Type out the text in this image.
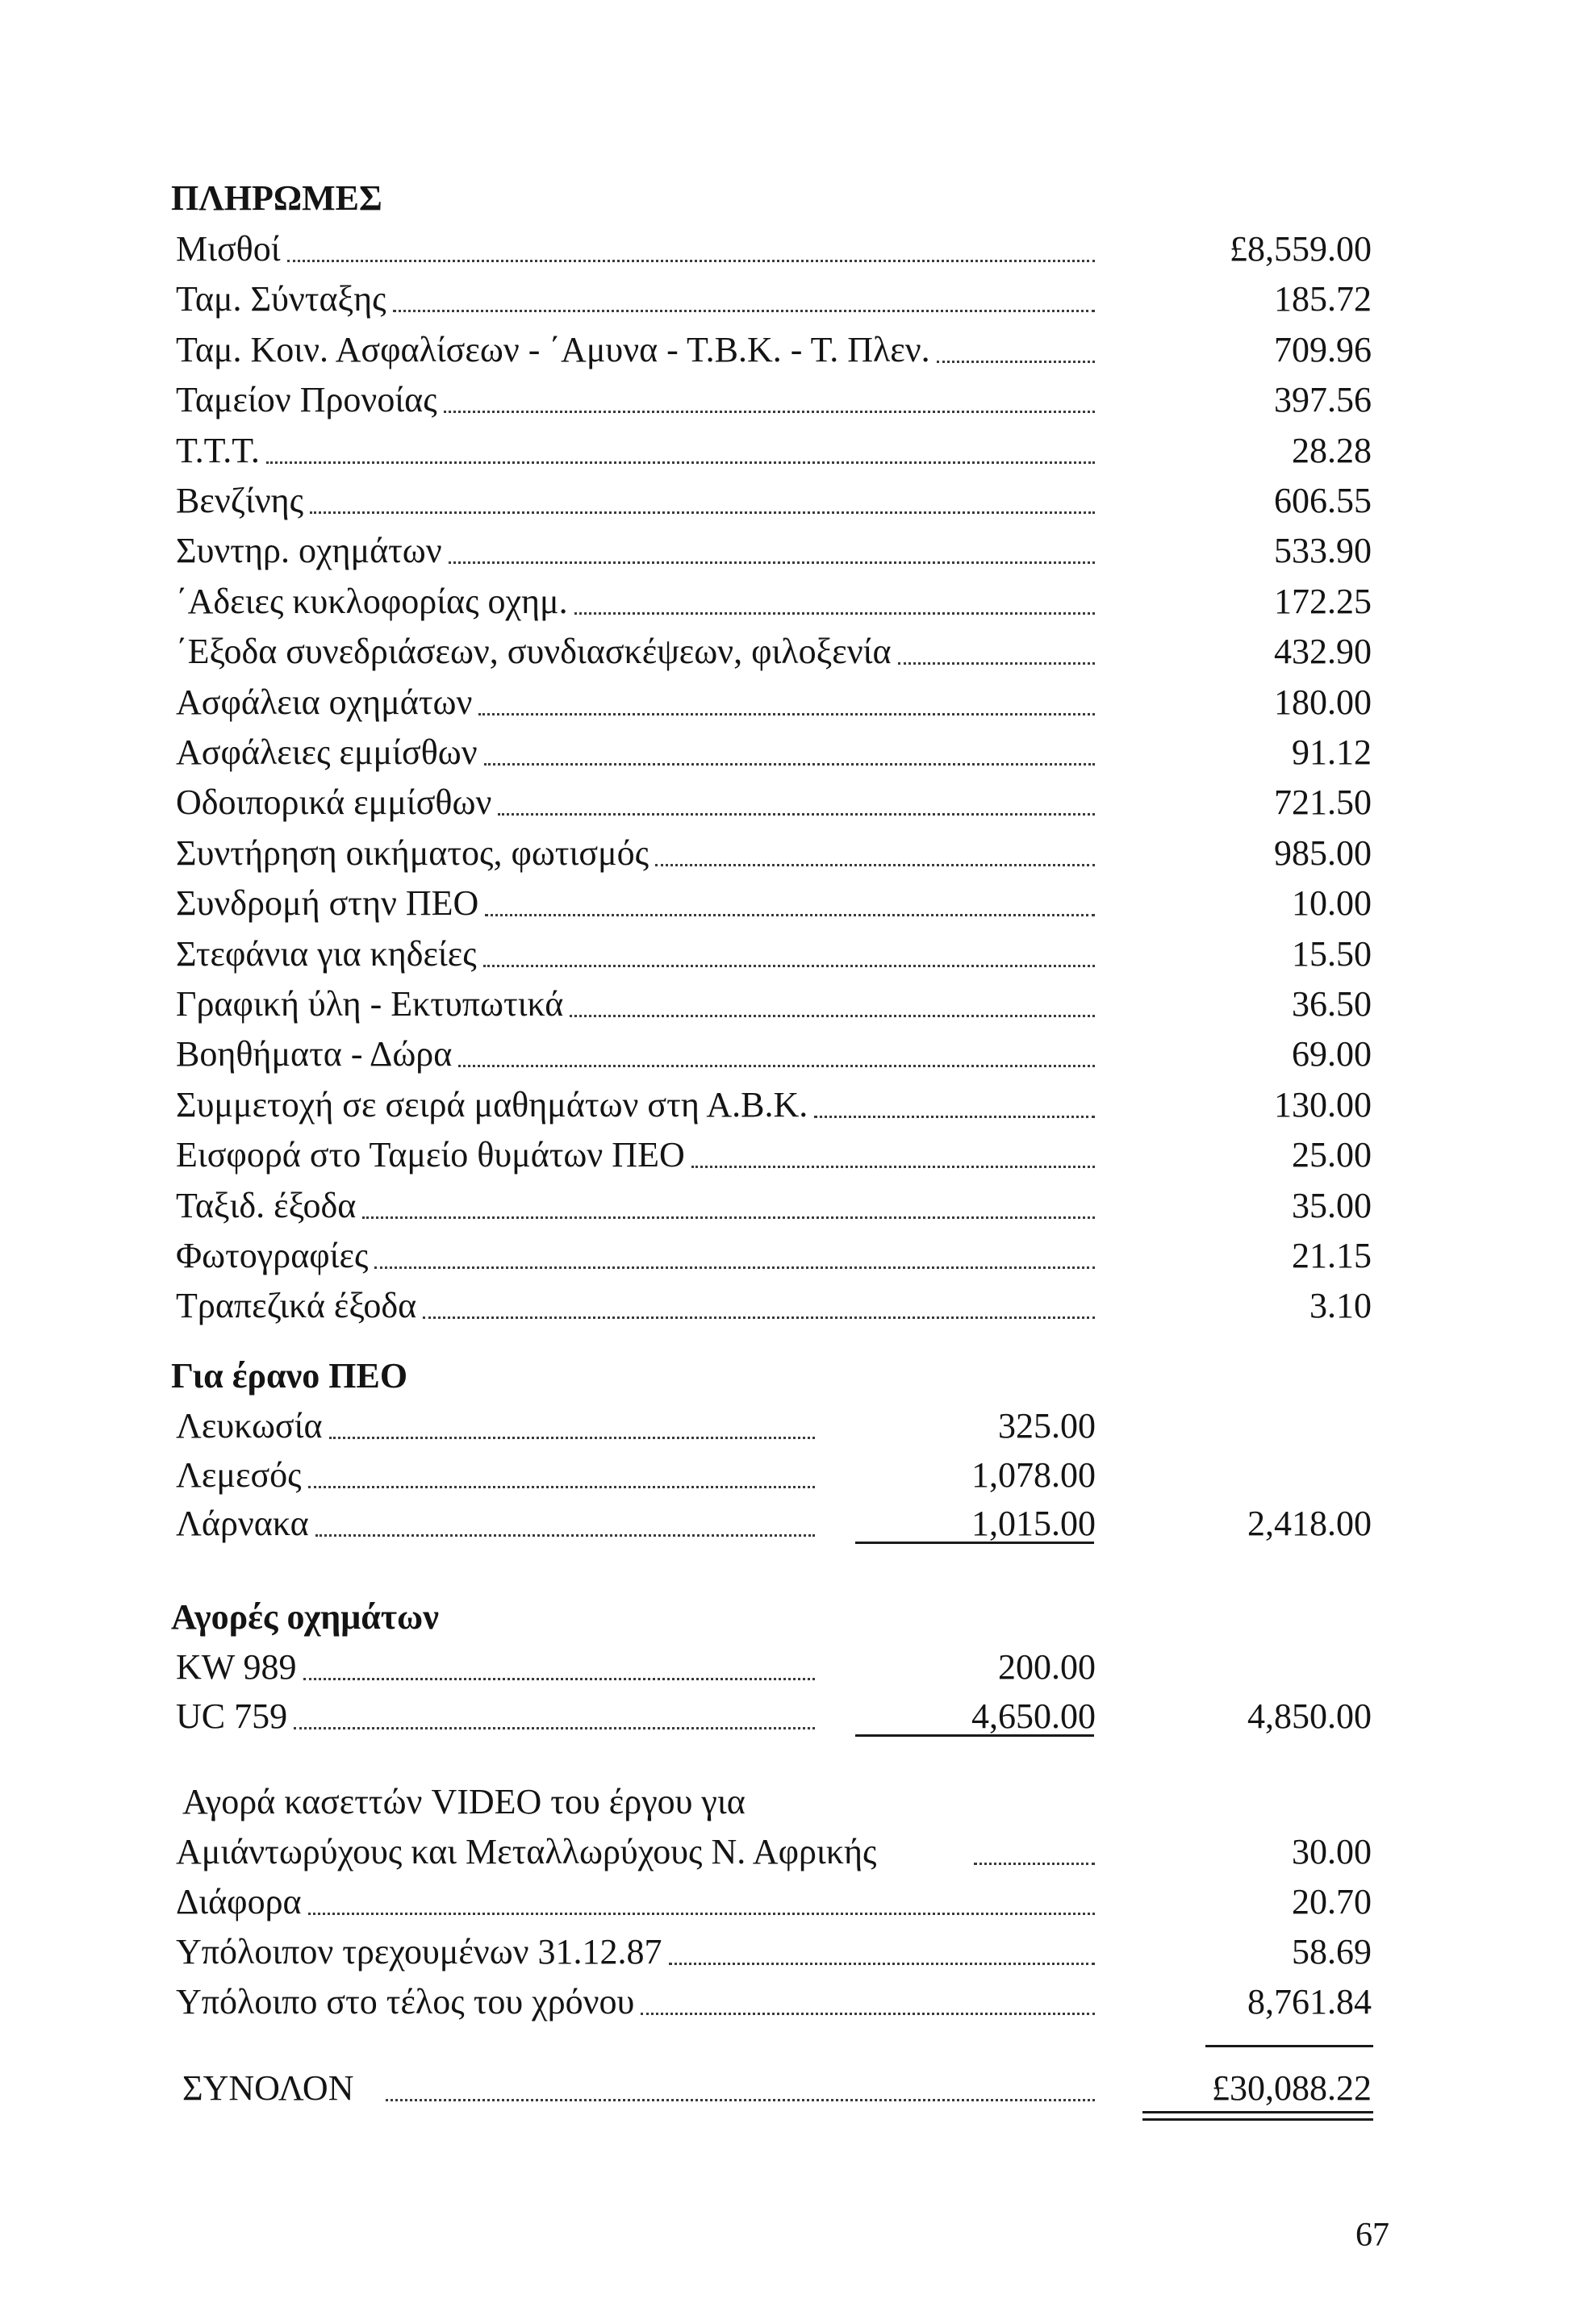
ΠΛΗΡΩΜΕΣ
Μισθοί	£8,559.00
Ταμ. Σύνταξης	185.72
Ταμ. Κοιν. Ασφαλίσεων - ΄Αμυνα - Τ.Β.Κ. - Τ. Πλεν.	709.96
Ταμείον Προνοίας	397.56
Τ.Τ.Τ.	28.28
Βενζίνης	606.55
Συντηρ. οχημάτων	533.90
΄Αδειες κυκλοφορίας οχημ.	172.25
΄Εξοδα συνεδριάσεων, συνδιασκέψεων, φιλοξενία	432.90
Ασφάλεια οχημάτων	180.00
Ασφάλειες εμμίσθων	91.12
Οδοιπορικά εμμίσθων	721.50
Συντήρηση οικήματος, φωτισμός	985.00
Συνδρομή στην ΠΕΟ	10.00
Στεφάνια για κηδείες	15.50
Γραφική ύλη - Εκτυπωτικά	36.50
Βοηθήματα - Δώρα	69.00
Συμμετοχή σε σειρά μαθημάτων στη Α.Β.Κ.	130.00
Εισφορά στο Ταμείο θυμάτων ΠΕΟ	25.00
Ταξιδ. έξοδα	35.00
Φωτογραφίες	21.15
Τραπεζικά έξοδα	3.10
Για έρανο ΠΕΟ
Λευκωσία	325.00
Λεμεσός	1,078.00
Λάρνακα	1,015.00	2,418.00
Αγορές οχημάτων
KW 989	200.00
UC 759	4,650.00	4,850.00
Αγορά κασεττών VIDEO του έργου για
Αμιάντωρύχους και Μεταλλωρύχους Ν. Αφρικής	30.00
Διάφορα	20.70
Υπόλοιπον τρεχουμένων 31.12.87	58.69
Υπόλοιπο στο τέλος του χρόνου	8,761.84
ΣΥΝΟΛΟΝ	£30,088.22
67
